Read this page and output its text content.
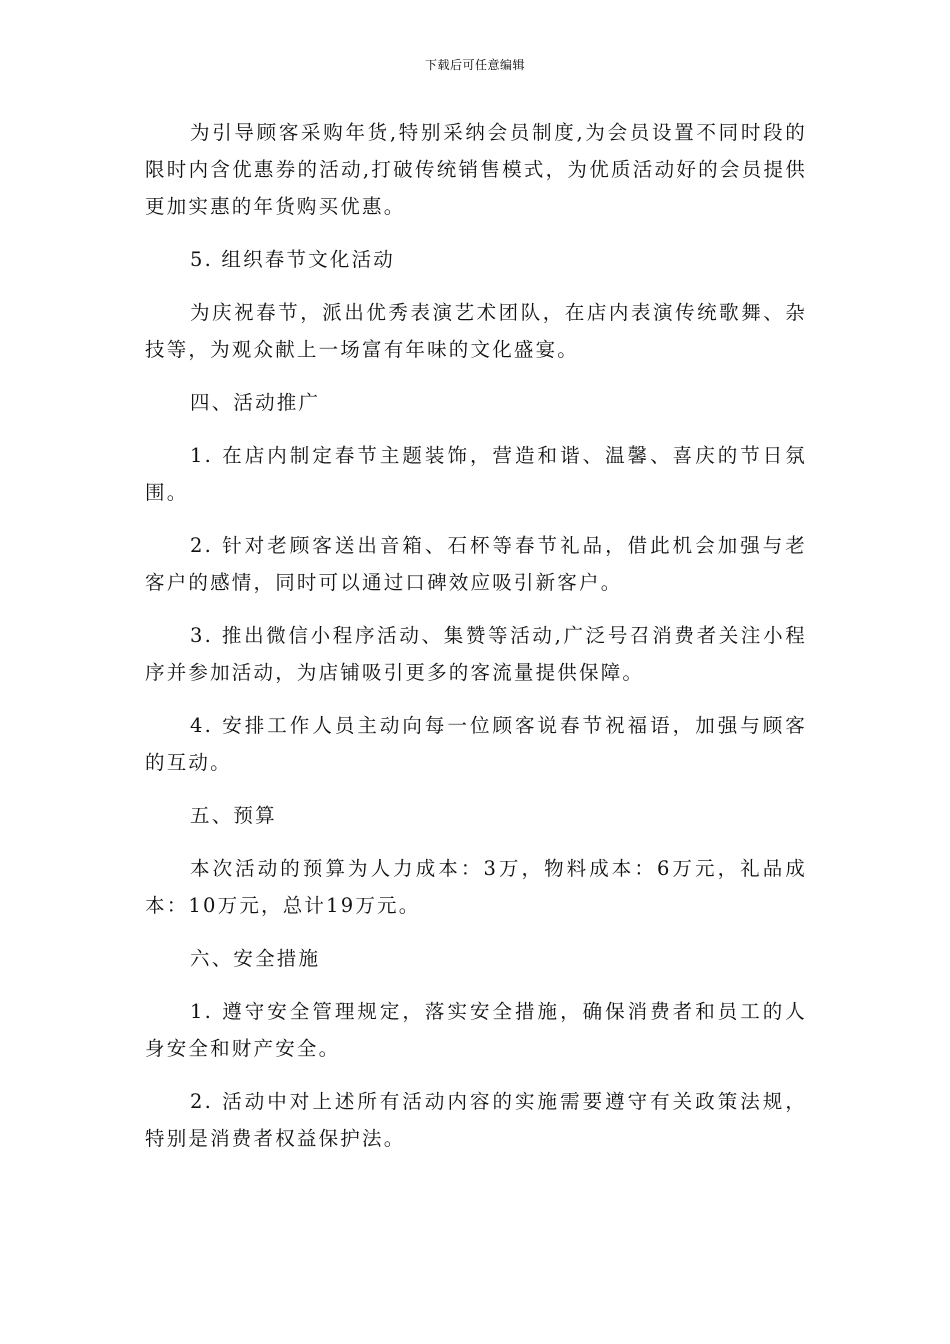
下载后可任意编辑

为引导顾客采购年货,特别采纳会员制度,为会员设置不同时段的限时内含优惠券的活动,打破传统销售模式，为优质活动好的会员提供更加实惠的年货购买优惠。

5. 组织春节文化活动

为庆祝春节，派出优秀表演艺术团队，在店内表演传统歌舞、杂技等，为观众献上一场富有年味的文化盛宴。

四、活动推广

1. 在店内制定春节主题装饰，营造和谐、温馨、喜庆的节日氛围。

2. 针对老顾客送出音箱、石杯等春节礼品，借此机会加强与老客户的感情，同时可以通过口碑效应吸引新客户。

3. 推出微信小程序活动、集赞等活动,广泛号召消费者关注小程序并参加活动，为店铺吸引更多的客流量提供保障。

4. 安排工作人员主动向每一位顾客说春节祝福语，加强与顾客的互动。

五、预算

本次活动的预算为人力成本：3万，物料成本：6万元，礼品成本：10万元，总计19万元。

六、安全措施

1. 遵守安全管理规定，落实安全措施，确保消费者和员工的人身安全和财产安全。

2. 活动中对上述所有活动内容的实施需要遵守有关政策法规，特别是消费者权益保护法。
